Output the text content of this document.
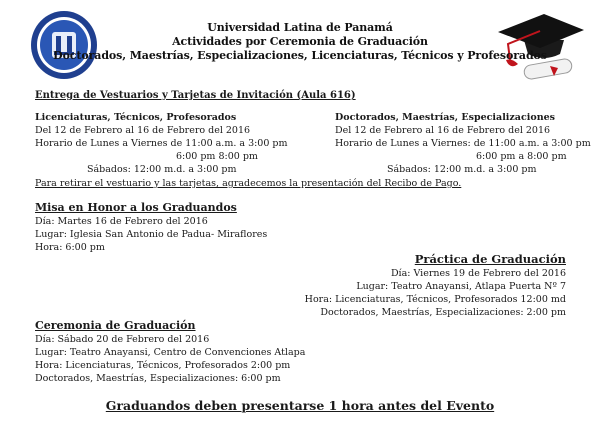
Universidad Latina de Panamá
Actividades por Ceremonia de Graduación
Doctorados, Maestrías, Especializaciones, Licenciaturas, Técnicos y Profesorados
Entrega de Vestuarios y Tarjetas de Invitación (Aula 616)
Licenciaturas, Técnicos, Profesorados
Del 12 de Febrero al 16 de Febrero del 2016
Horario de Lunes a Viernes de 11:00 a.m. a 3:00 pm
6:00 pm 8:00 pm
Sábados: 12:00 m.d. a 3:00 pm
Doctorados, Maestrías, Especializaciones
Del 12 de Febrero al 16 de Febrero del 2016
Horario de Lunes a Viernes: de 11:00 a.m. a 3:00 pm
6:00 pm a 8:00 pm
Sábados: 12:00 m.d. a 3:00 pm
Para retirar el vestuario y las tarjetas, agradecemos la presentación del Recibo de Pago.
Misa en Honor a los Graduandos
Día: Martes 16 de Febrero del 2016
Lugar: Iglesia San Antonio de Padua- Miraflores
Hora: 6:00 pm
Práctica de Graduación
Día: Viernes 19 de Febrero del 2016
Lugar: Teatro Anayansi, Atlapa Puerta Nº 7
Hora: Licenciaturas, Técnicos, Profesorados 12:00 md
Doctorados, Maestrías, Especializaciones: 2:00 pm
Ceremonia de Graduación
Día: Sábado 20 de Febrero del 2016
Lugar: Teatro Anayansi, Centro de Convenciones Atlapa
Hora: Licenciaturas, Técnicos, Profesorados 2:00 pm
Doctorados, Maestrías, Especializaciones: 6:00 pm
Graduandos deben presentarse 1 hora antes del Evento
